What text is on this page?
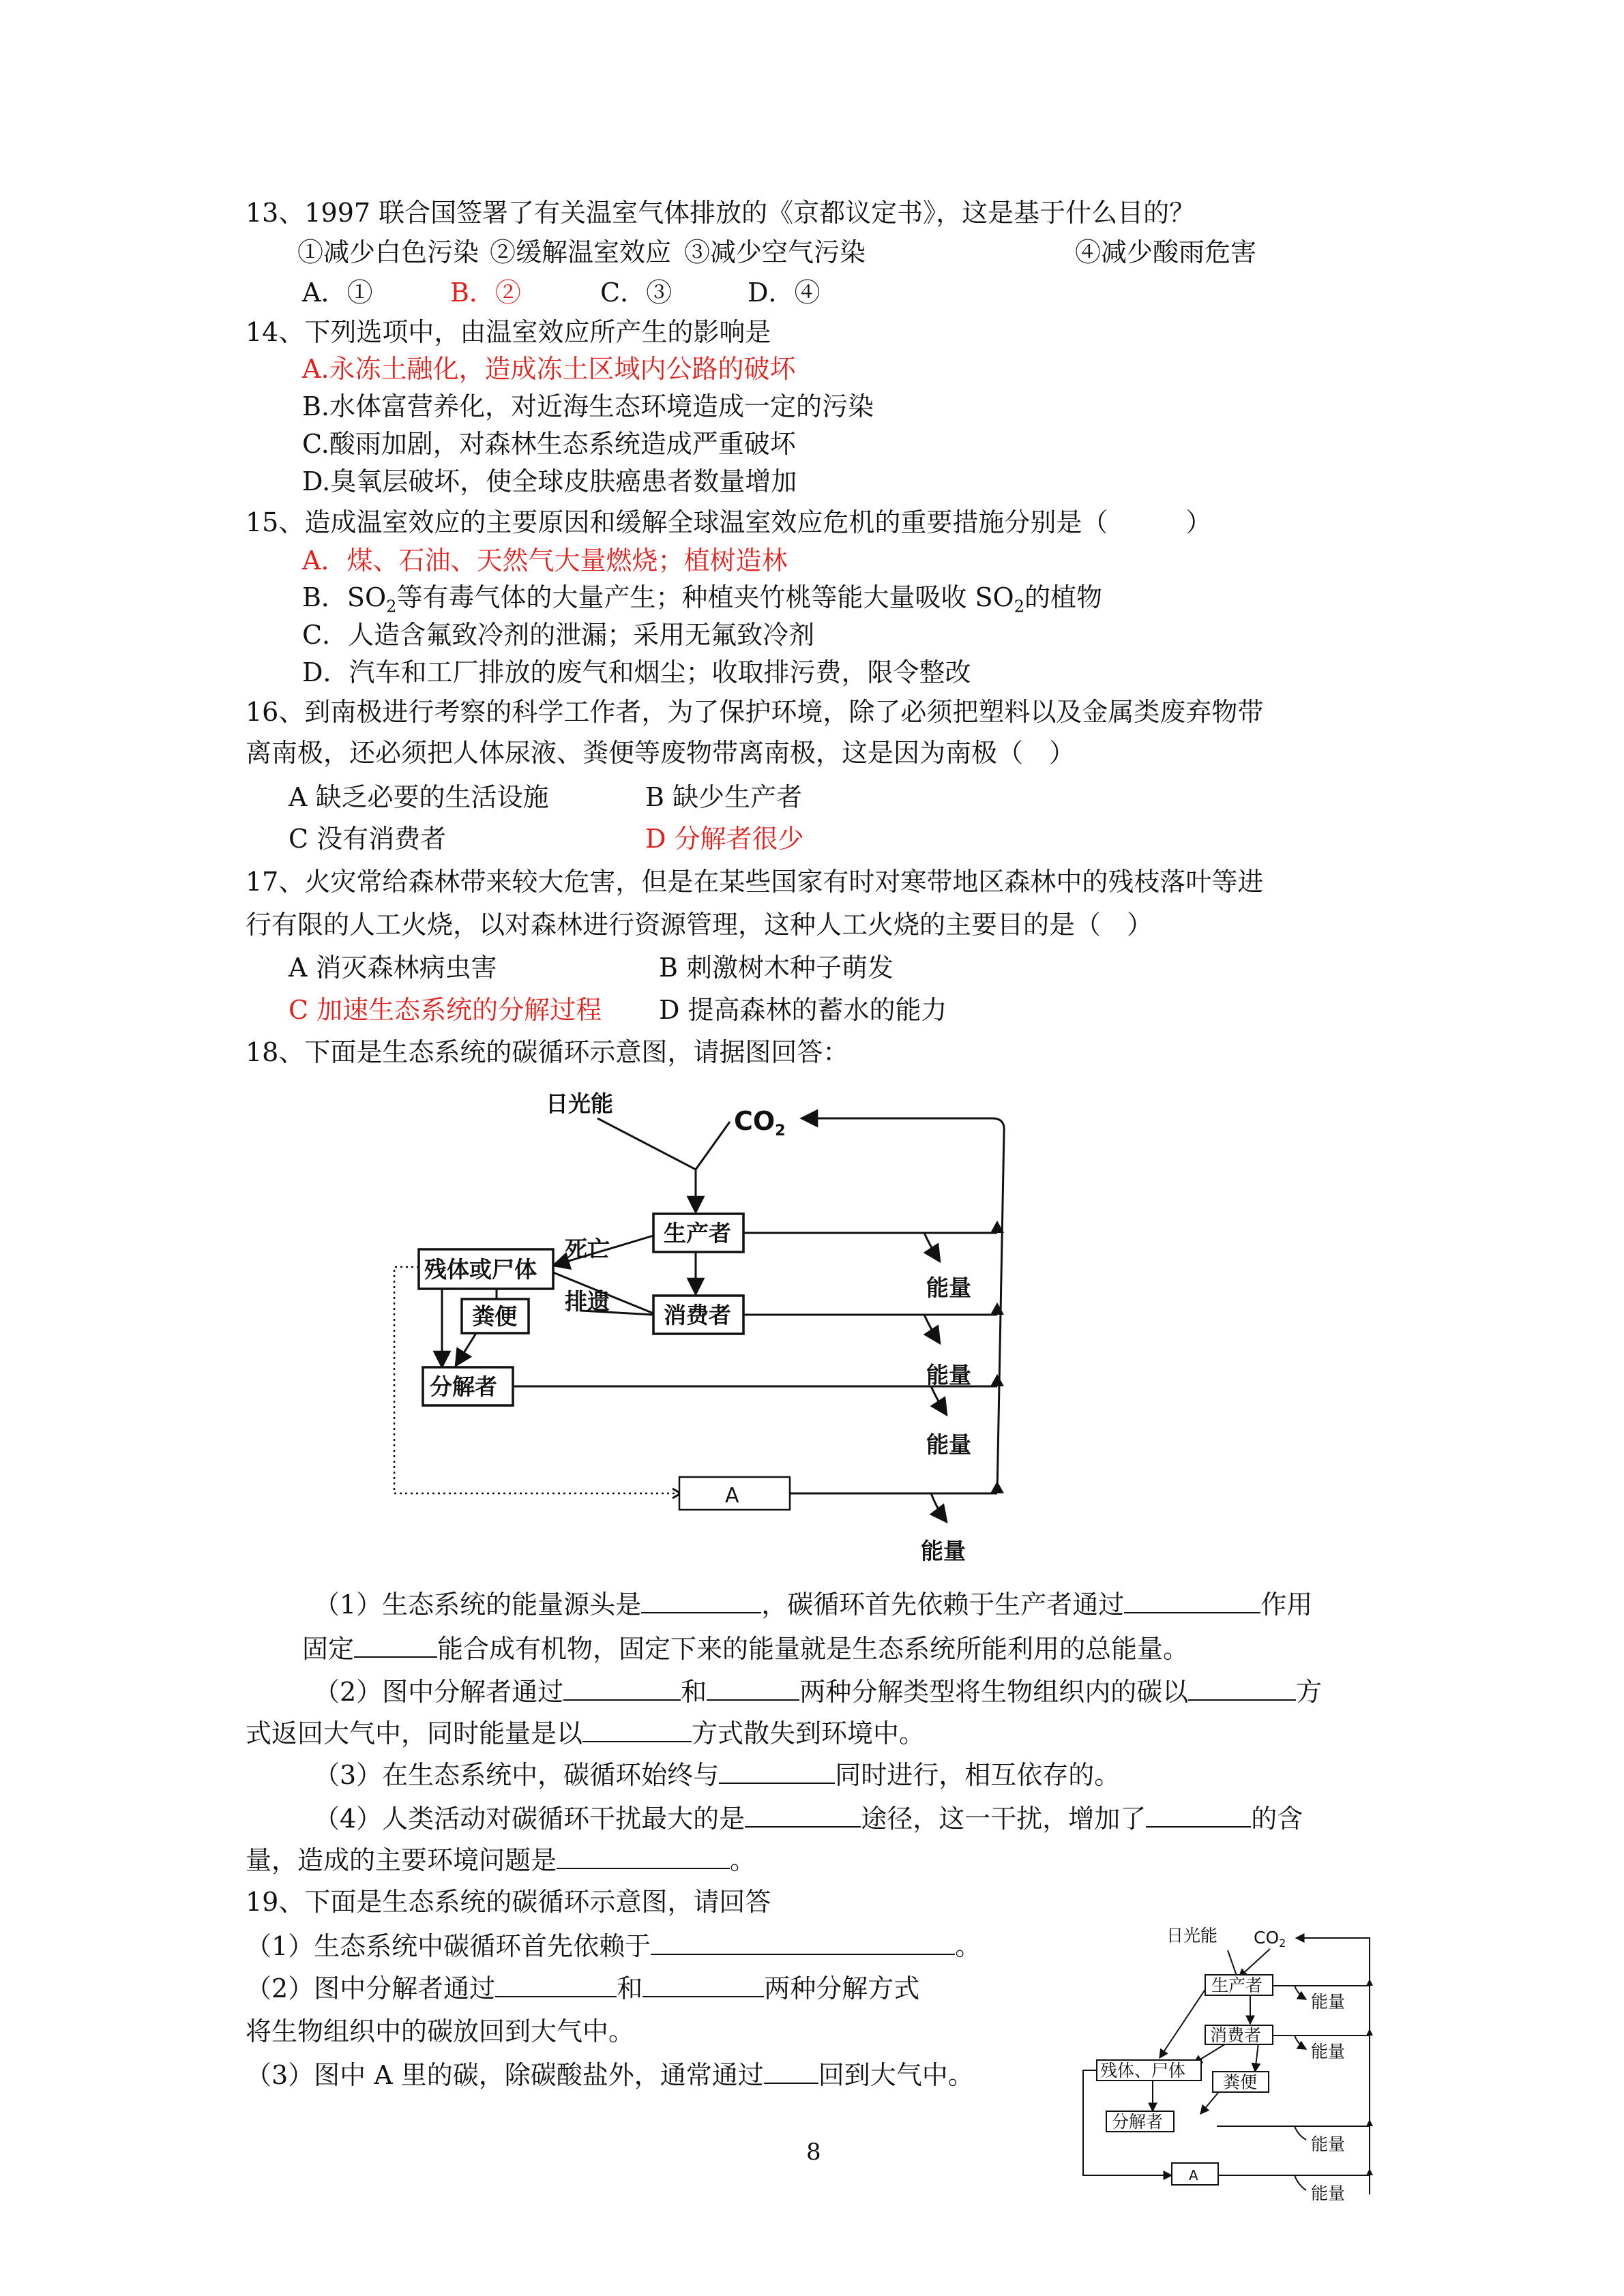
13、1997 联合国签署了有关温室气体排放的《京都议定书》，这是基于什么目的？
①减少白色污染 ②缓解温室效应 ③减少空气污染	④减少酸雨危害
A．①	B．②	C．③	D．④
14、下列选项中，由温室效应所产生的影响是
A.永冻土融化，造成冻土区域内公路的破坏
B.水体富营养化，对近海生态环境造成一定的污染
C.酸雨加剧，对森林生态系统造成严重破坏
D.臭氧层破坏，使全球皮肤癌患者数量增加
15、造成温室效应的主要原因和缓解全球温室效应危机的重要措施分别是（　　　）
A．煤、石油、天然气大量燃烧；植树造林
B．$SO_2$等有毒气体的大量产生；种植夹竹桃等能大量吸收 $SO_2$的植物
C．人造含氟致冷剂的泄漏；采用无氟致冷剂
D．汽车和工厂排放的废气和烟尘；收取排污费，限令整改
16、到南极进行考察的科学工作者，为了保护环境，除了必须把塑料以及金属类废弃物带
离南极，还必须把人体尿液、粪便等废物带离南极，这是因为南极（　）
A 缺乏必要的生活设施	B 缺少生产者
C 没有消费者	D 分解者很少
17、火灾常给森林带来较大危害，但是在某些国家有时对寒带地区森林中的残枝落叶等进
行有限的人工火烧，以对森林进行资源管理，这种人工火烧的主要目的是（　）
A 消灭森林病虫害	B 刺激树木种子萌发
C 加速生态系统的分解过程 D 提高森林的蓄水的能力
18、下面是生态系统的碳循环示意图，请据图回答：
日光能
$CO_2$
生产者
消费者
残体或尸体
粪便
分解者
死亡
排遗
能量
能量
能量
能量
A
（1）生态系统的能量源头是	，碳循环首先依赖于生产者通过	作用
固定	能合成有机物，固定下来的能量就是生态系统所能利用的总能量。
（2）图中分解者通过	和	两种分解类型将生物组织内的碳以	方
式返回大气中，同时能量是以	方式散失到环境中。
（3）在生态系统中，碳循环始终与	同时进行，相互依存的。
（4）人类活动对碳循环干扰最大的是	途径，这一干扰，增加了	的含
量，造成的主要环境问题是	。
19、下面是生态系统的碳循环示意图，请回答
（1）生态系统中碳循环首先依赖于	。
（2）图中分解者通过	和	两种分解方式
将生物组织中的碳放回到大气中。
（3）图中 A 里的碳，除碳酸盐外，通常通过 回到大气中。
日光能 $CO_2$
生产者
消费者
残体、尸体
粪便
分解者
能量
能量
能量
能量
A
8
